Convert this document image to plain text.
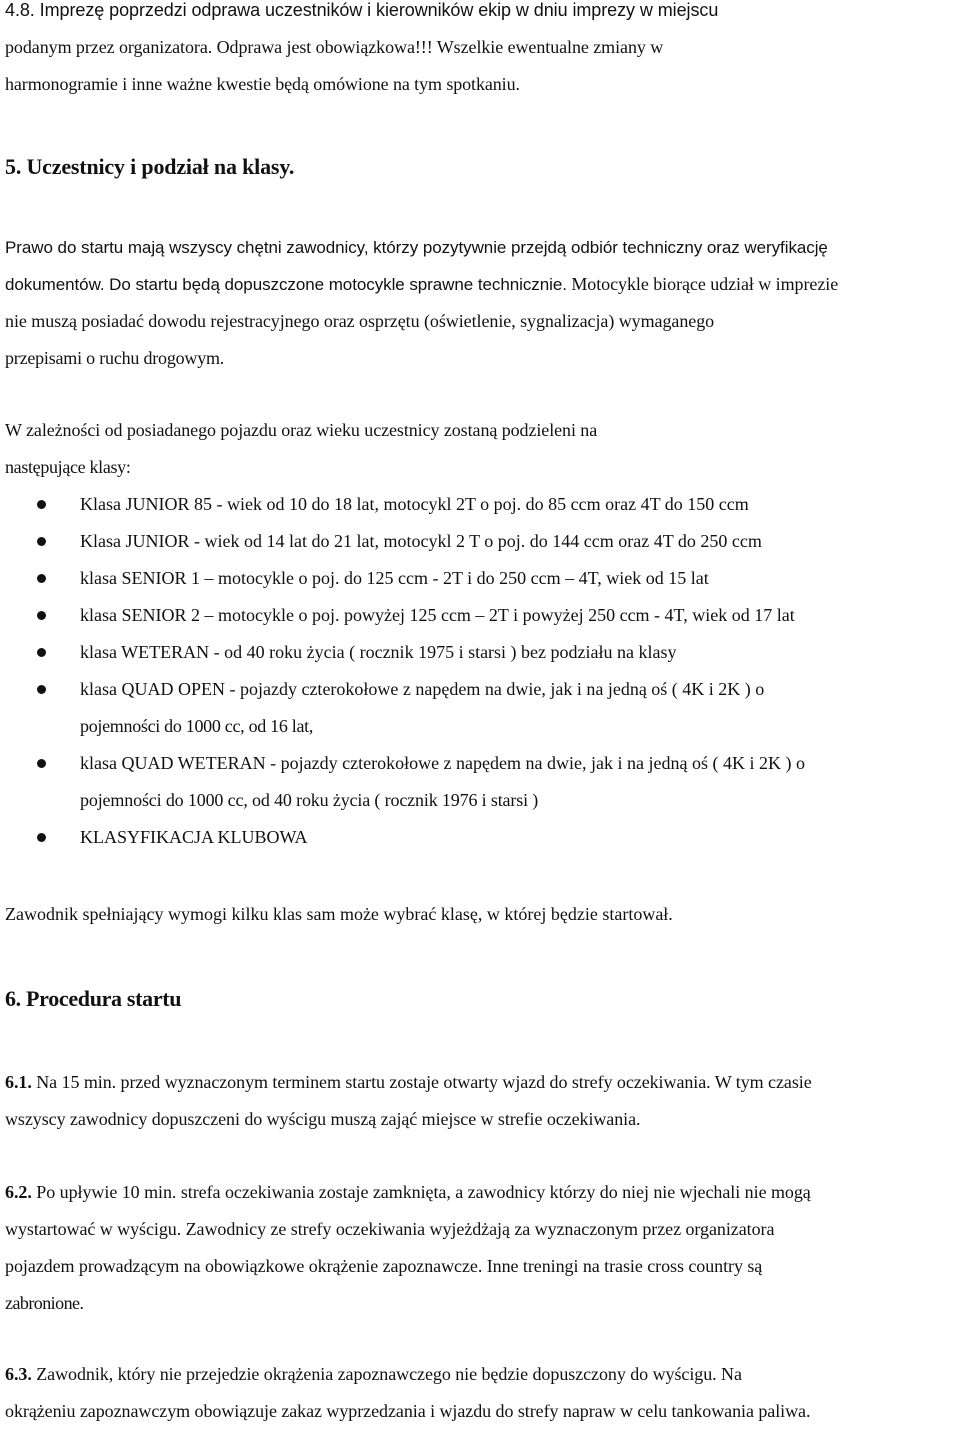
4.8. Imprezę poprzedzi odprawa uczestników i kierowników ekip w dniu imprezy w miejscu
podanym przez organizatora. Odprawa jest obowiązkowa!!! Wszelkie ewentualne zmiany w
harmonogramie i inne ważne kwestie będą omówione na tym spotkaniu.
5. Uczestnicy i podział na klasy.
Prawo do startu mają wszyscy chętni zawodnicy, którzy pozytywnie przejdą odbiór techniczny oraz weryfikację
dokumentów. Do startu będą dopuszczone motocykle sprawne technicznie. Motocykle biorące udział w imprezie
nie muszą posiadać dowodu rejestracyjnego oraz osprzętu (oświetlenie, sygnalizacja) wymaganego
przepisami o ruchu drogowym.
W zależności od posiadanego pojazdu oraz wieku uczestnicy zostaną podzieleni na
następujące klasy:
Klasa JUNIOR 85 - wiek od 10 do 18 lat, motocykl 2T o poj. do 85 ccm oraz 4T do 150 ccm
Klasa JUNIOR - wiek od 14 lat do 21 lat, motocykl 2 T o poj. do 144 ccm oraz 4T do 250 ccm
klasa SENIOR 1 – motocykle o poj. do 125 ccm - 2T i do 250 ccm – 4T, wiek od 15 lat
klasa SENIOR 2 – motocykle o poj. powyżej 125 ccm – 2T i powyżej 250 ccm - 4T, wiek od 17 lat
klasa WETERAN - od 40 roku życia ( rocznik 1975 i starsi ) bez podziału na klasy
klasa QUAD OPEN - pojazdy czterokołowe z napędem na dwie, jak i na jedną oś ( 4K i 2K ) o
pojemności do 1000 cc, od 16 lat,
klasa QUAD WETERAN - pojazdy czterokołowe z napędem na dwie, jak i na jedną oś ( 4K i 2K ) o
pojemności do 1000 cc, od 40 roku życia ( rocznik 1976 i starsi )
KLASYFIKACJA KLUBOWA
Zawodnik spełniający wymogi kilku klas sam może wybrać klasę, w której będzie startował.
6. Procedura startu
6.1. Na 15 min. przed wyznaczonym terminem startu zostaje otwarty wjazd do strefy oczekiwania. W tym czasie
wszyscy zawodnicy dopuszczeni do wyścigu muszą zająć miejsce w strefie oczekiwania.
6.2. Po upływie 10 min. strefa oczekiwania zostaje zamknięta, a zawodnicy którzy do niej nie wjechali nie mogą
wystartować w wyścigu. Zawodnicy ze strefy oczekiwania wyjeżdżają za wyznaczonym przez organizatora
pojazdem prowadzącym na obowiązkowe okrążenie zapoznawcze. Inne treningi na trasie cross country są
zabronione.
6.3. Zawodnik, który nie przejedzie okrążenia zapoznawczego nie będzie dopuszczony do wyścigu. Na
okrążeniu zapoznawczym obowiązuje zakaz wyprzedzania i wjazdu do strefy napraw w celu tankowania paliwa.
